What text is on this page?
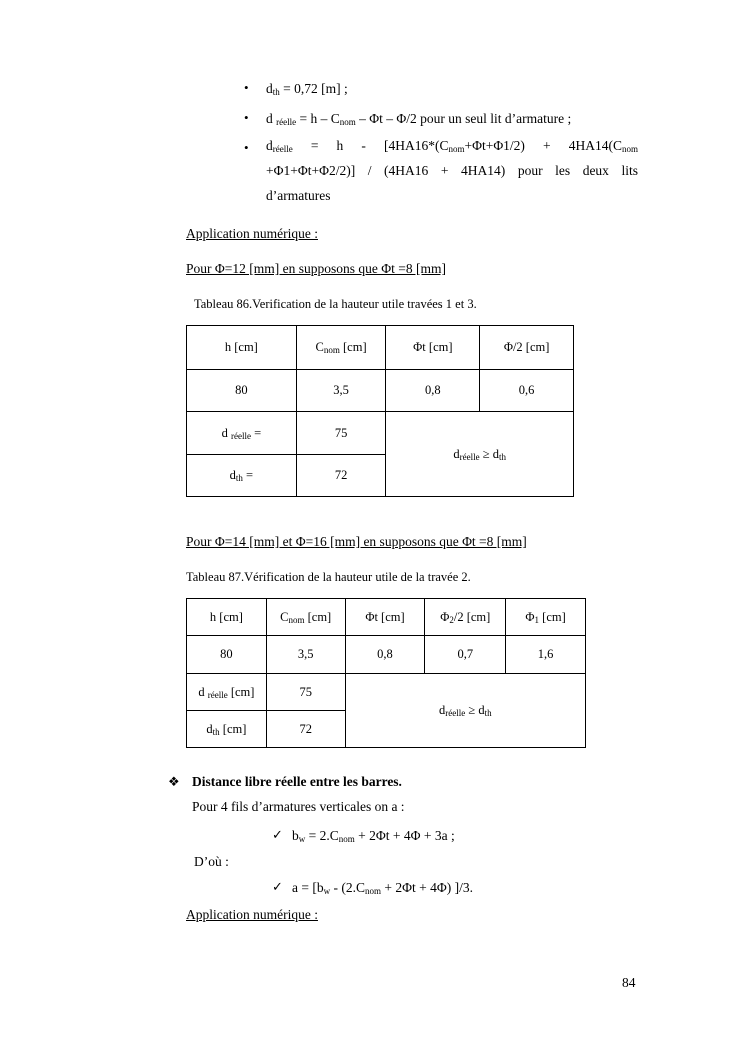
• $d_{th} = 0,72$ [m] ;
• d $_{réelle} = h - C_{nom} - \Phi t - \Phi/2$ pour un seul lit d’armature ;
• $d_{réelle} = h - [4HA16*(C_{nom}+\Phi t+\Phi 1/2) + 4HA14(C_{nom}$
+Φ1+Φt+Φ2/2)] / (4HA16 + 4HA14) pour les deux lits
d’armatures
Application numérique :
Pour Φ=12 [mm] en supposons que Φt =8 [mm]
Tableau 86.Verification de la hauteur utile travées 1 et 3.
h [cm]	$C_{nom}$ [cm]	Φt [cm]	Φ/2 [cm]
80	3,5	0,8	0,6
d $_{réelle}$ =	75	$d_{réelle} \ge d_{th}$
$d_{th}$ =	72		
Pour Φ=14 [mm] et Φ=16 [mm] en supposons que Φt =8 [mm]
Tableau 87.Vérification de la hauteur utile de la travée 2.
h [cm]	$C_{nom}$ [cm]	Φt [cm]	$\Phi_2/2$ [cm]	$\Phi_1$ [cm]
80	3,5	0,8	0,7	1,6
d $_{réelle}$ [cm]	75	$d_{réelle} \ge d_{th}$
$d_{th}$ [cm]	72			
❖ Distance libre réelle entre les barres.
Pour 4 fils d’armatures verticales on a :
✓ $b_w = 2.C_{nom} + 2\Phi t + 4\Phi + 3a$ ;
D’où :
✓ $a = [b_w - (2.C_{nom} + 2\Phi t + 4\Phi)$ ]/3.
Application numérique :
84
